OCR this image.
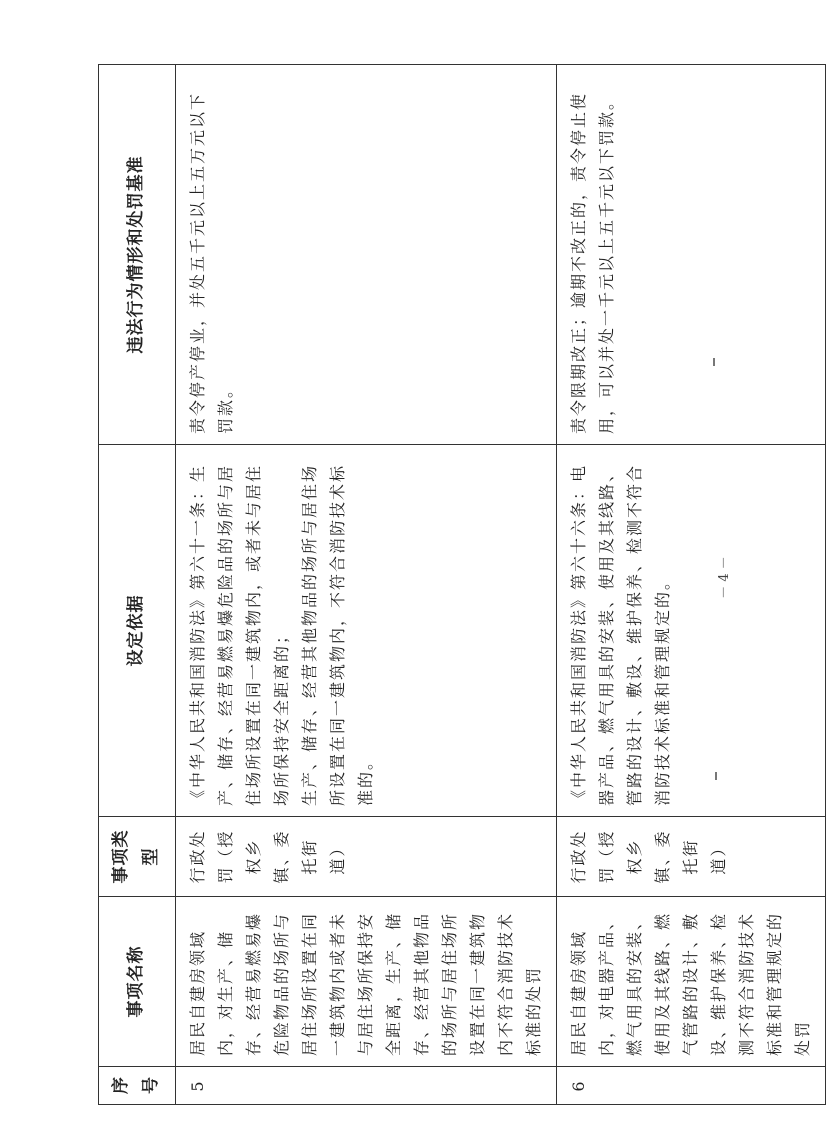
序号	事项名称	事项类型	设定依据	违法行为情形和处罚基准
5	居民自建房领域内，对生产、储存、经营易燃易爆危险物品的场所与居住场所设置在同一建筑物内或者未与居住场所保持安全距离，生产、储存、经营其他物品的场所与居住场所设置在同一建筑物内不符合消防技术标准的处罚	行政处罚（授权乡镇、委托街道）	《中华人民共和国消防法》第六十一条：生产、储存、经营易燃易爆危险品的场所与居住场所设置在同一建筑物内，或者未与居住场所保持安全距离的； 生产、储存、经营其他物品的场所与居住场所设置在同一建筑物内，不符合消防技术标准的。	责令停产停业，并处五千元以上五万元以下罚款。
6	居民自建房领域内，对电器产品、燃气用具的安装、使用及其线路、燃气管路的设计、敷设、维护保养、检测不符合消防技术标准和管理规定的处罚	行政处罚（授权乡镇、委托街道）	《中华人民共和国消防法》第六十六条：电器产品、燃气用具的安装、使用及其线路、管路的设计、敷设、维护保养、检测不符合消防技术标准和管理规定的。	责令限期改正；逾期不改正的，责令停止使用，可以并处一千元以上五千元以下罚款。
－ 4 －
